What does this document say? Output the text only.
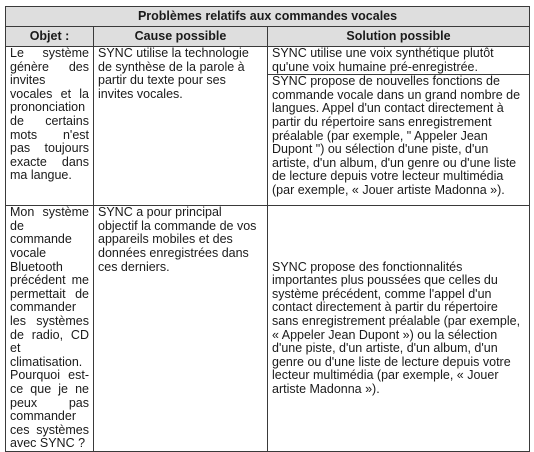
Problèmes relatifs aux commandes vocales		
Objet :	Cause possible	Solution possible
Le système génère des invites vocales et la prononciation de certains mots n'est pas toujours exacte dans ma langue.	SYNC utilise la technologie de synthèse de la parole à partir du texte pour ses invites vocales.	SYNC utilise une voix synthétique plutôt qu'une voix humaine pré-enregistrée.
		SYNC propose de nouvelles fonctions de commande vocale dans un grand nombre de langues. Appel d'un contact directement à partir du répertoire sans enregistrement préalable (par exemple, " Appeler Jean Dupont ") ou sélection d'une piste, d'un artiste, d'un album, d'un genre ou d'une liste de lecture depuis votre lecteur multimédia (par exemple, « Jouer artiste Madonna »).
Mon système de commande vocale Bluetooth précédent me permettait de commander les systèmes de radio, CD et climatisation. Pourquoi est-ce que je ne peux pas commander ces systèmes avec SYNC ?	SYNC a pour principal objectif la commande de vos appareils mobiles et des données enregistrées dans ces derniers.	SYNC propose des fonctionnalités importantes plus poussées que celles du système précédent, comme l'appel d'un contact directement à partir du répertoire sans enregistrement préalable (par exemple, « Appeler Jean Dupont ») ou la sélection d'une piste, d'un artiste, d'un album, d'un genre ou d'une liste de lecture depuis votre lecteur multimédia (par exemple, « Jouer artiste Madonna »).
